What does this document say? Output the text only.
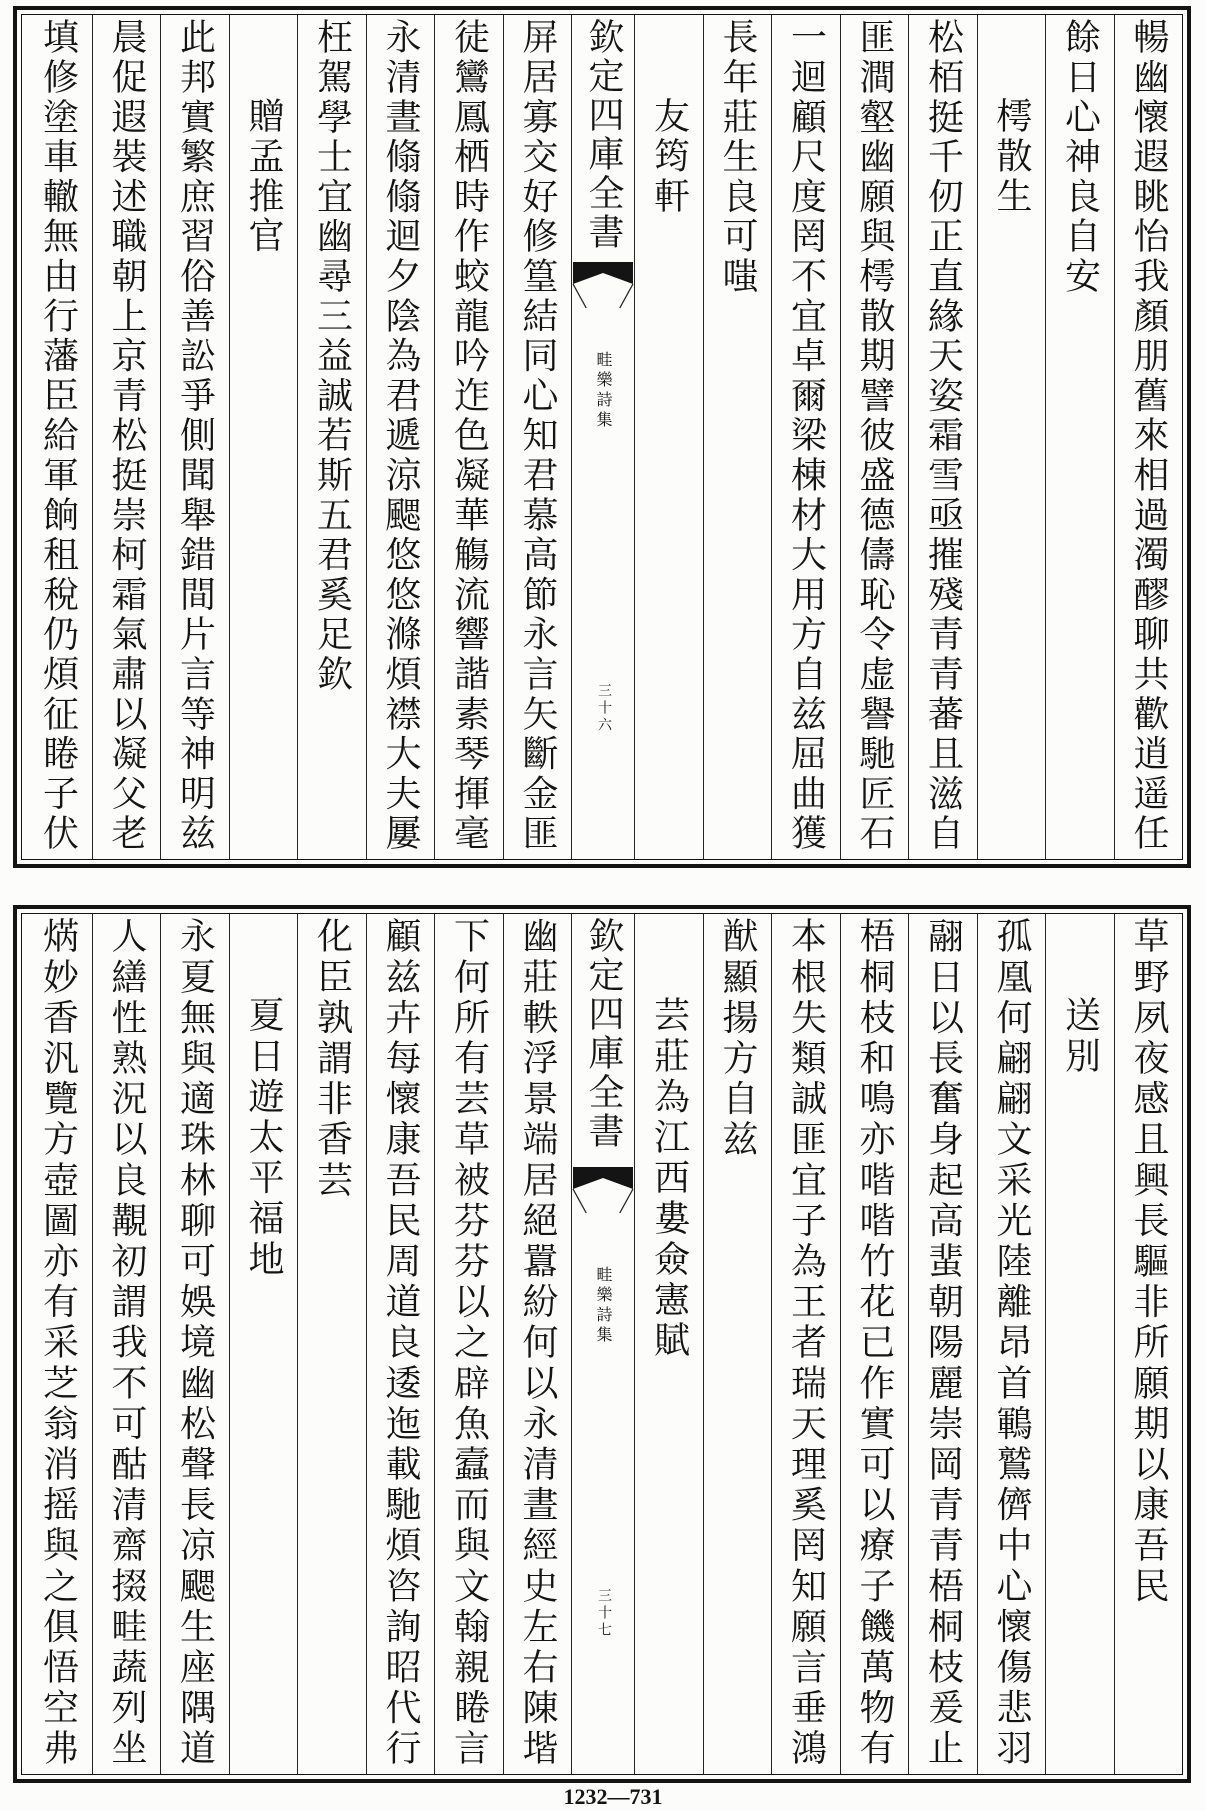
暢幽懷遐眺怡我顏朋舊來相過濁醪聊共歡逍遥任
餘日心神良自安
樗散生
松栢挺千仞正直緣天姿霜雪亟摧殘青青蕃且滋自
匪澗壑幽願與樗散期譬彼盛德儔恥令虚譽馳匠石
一迴顧尺度罔不宜卓爾梁棟材大用方自兹屈曲獲
長年莊生良可嗤
友筠軒
欽定四庫全書
畦樂詩集
三十六
屏居寡交好修篁結同心知君慕高節永言矢斷金匪
徒鸞鳳栖時作蛟龍吟迮色凝華觴流響諧素琴揮毫
永清晝翛翛迴夕陰為君遞涼颸悠悠滌煩襟大夫屢
枉駕學士宜幽尋三益誠若斯五君奚足欽
贈孟推官
此邦實繁庶習俗善訟爭側聞舉錯間片言等神明兹
晨促遐裝述職朝上京青松挺崇柯霜氣肅以凝父老
填修塗車轍無由行藩臣給軍餉租稅仍煩征睠子伏
草野夙夜感且興長驅非所願期以康吾民
送別
孤凰何翩翩文采光陸離昂首鶤鷲儕中心懷傷悲羽
翮日以長奮身起高蜚朝陽麗崇岡青青梧桐枝爰止
梧桐枝和鳴亦喈喈竹花已作實可以療子饑萬物有
本根失類誠匪宜子為王者瑞天理奚罔知願言垂鴻
猷顯揚方自兹
芸莊為江西婁僉憲賦
欽定四庫全書
畦樂詩集
三十七
幽莊軼浮景端居絕囂紛何以永清晝經史左右陳堦
下何所有芸草被芬芬以之辟魚蠧而與文翰親睠言
顧兹卉每懷康吾民周道良逶迤載馳煩咨詢昭代行
化臣孰謂非香芸
夏日遊太平福地
永夏無與適珠林聊可娛境幽松聲長凉颸生座隅道
人繕性熟況以良覯初謂我不可酤清齋掇畦蔬列坐
焫妙香汎覽方壺圖亦有采芝翁消摇與之俱悟空弗
1232—731
